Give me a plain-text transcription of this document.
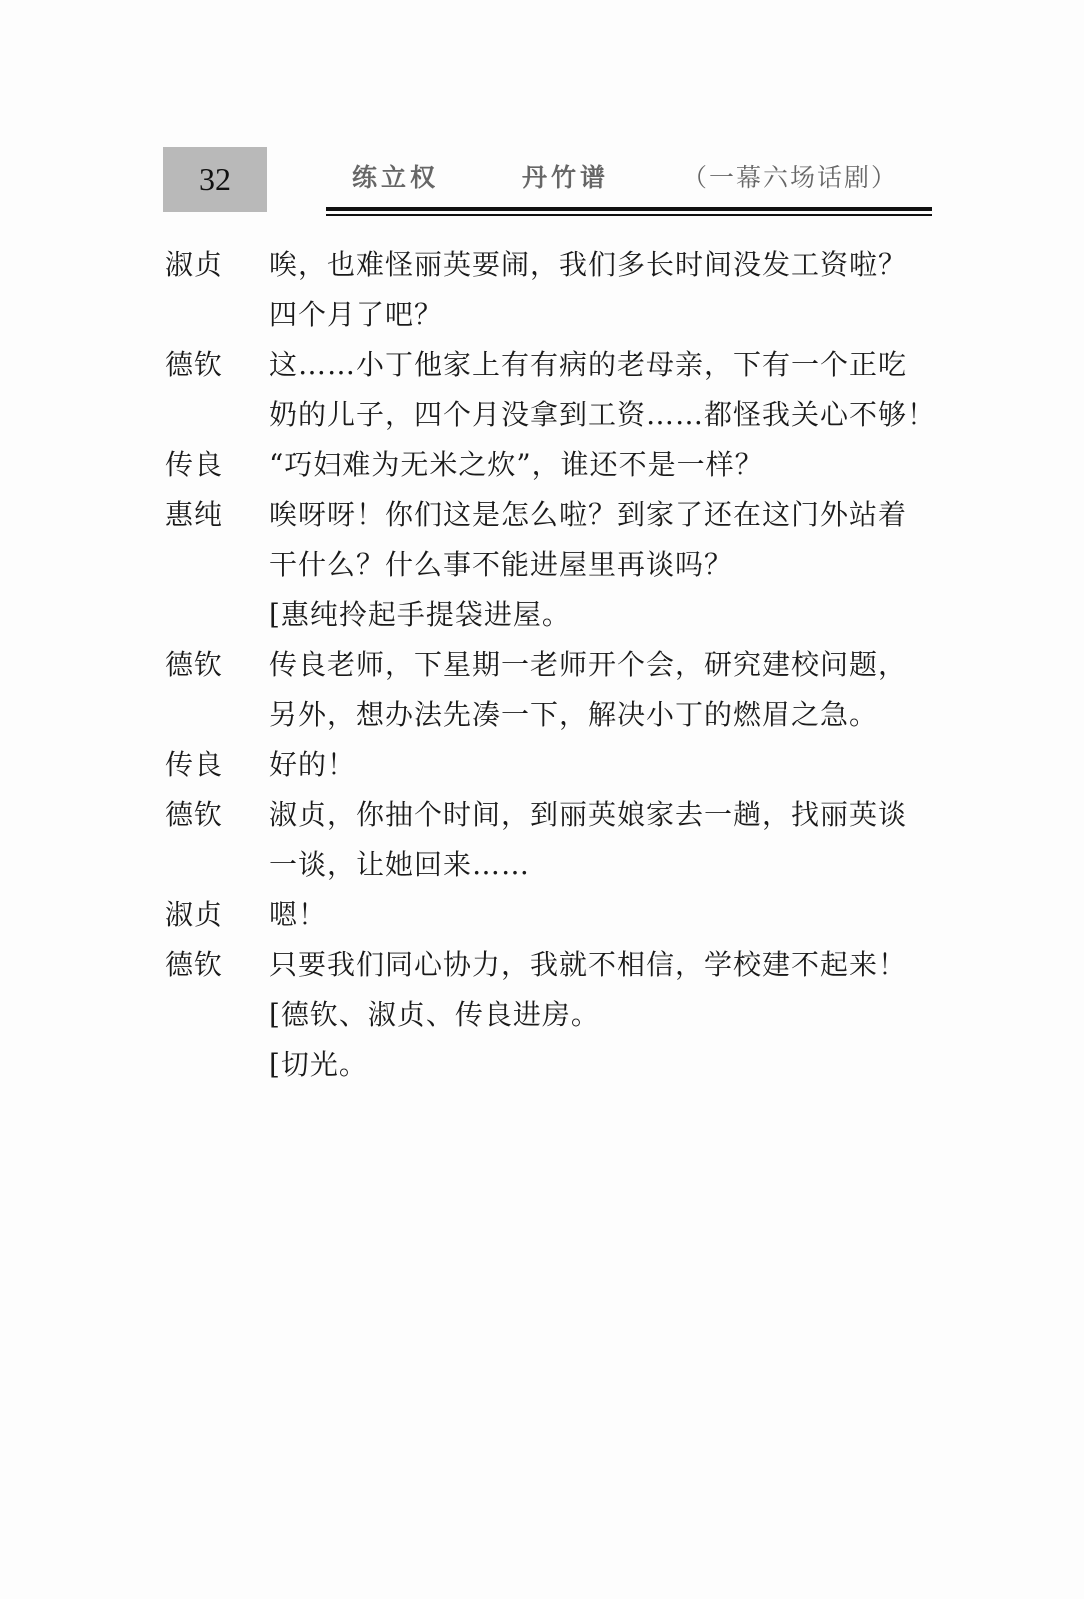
32	练立权	丹竹谱	（一幕六场话剧）
淑贞	唉，也难怪丽英要闹，我们多长时间没发工资啦？
四个月了吧？
德钦	这……小丁他家上有有病的老母亲，下有一个正吃
奶的儿子，四个月没拿到工资……都怪我关心不够！
传良	“巧妇难为无米之炊”，谁还不是一样？
惠纯	唉呀呀！你们这是怎么啦？到家了还在这门外站着
干什么？什么事不能进屋里再谈吗？
[惠纯拎起手提袋进屋。
德钦	传良老师，下星期一老师开个会，研究建校问题，
另外，想办法先凑一下，解决小丁的燃眉之急。
传良	好的！
德钦	淑贞，你抽个时间，到丽英娘家去一趟，找丽英谈
一谈，让她回来……
淑贞	嗯！
德钦	只要我们同心协力，我就不相信，学校建不起来！
[德钦、淑贞、传良进房。
[切光。
